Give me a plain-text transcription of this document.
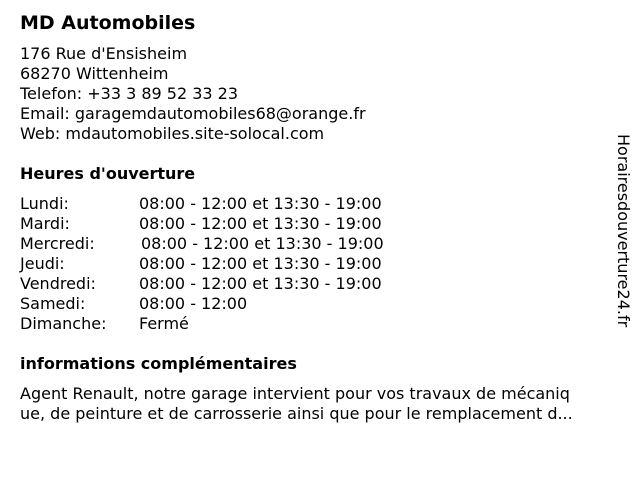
MD Automobiles
176 Rue d'Ensisheim
68270 Wittenheim
Telefon: +33 3 89 52 33 23
Email: garagemdautomobiles68@orange.fr
Web: mdautomobiles.site-solocal.com
Heures d'ouverture
Lundi:	08:00 - 12:00 et 13:30 - 19:00
Mardi:	08:00 - 12:00 et 13:30 - 19:00
Mercredi:	08:00 - 12:00 et 13:30 - 19:00
Jeudi:	08:00 - 12:00 et 13:30 - 19:00
Vendredi:	08:00 - 12:00 et 13:30 - 19:00
Samedi:	08:00 - 12:00
Dimanche: Fermé
informations complémentaires
Agent Renault, notre garage intervient pour vos travaux de mécaniq
ue, de peinture et de carrosserie ainsi que pour le remplacement d...
Horairesdouverture24.fr
